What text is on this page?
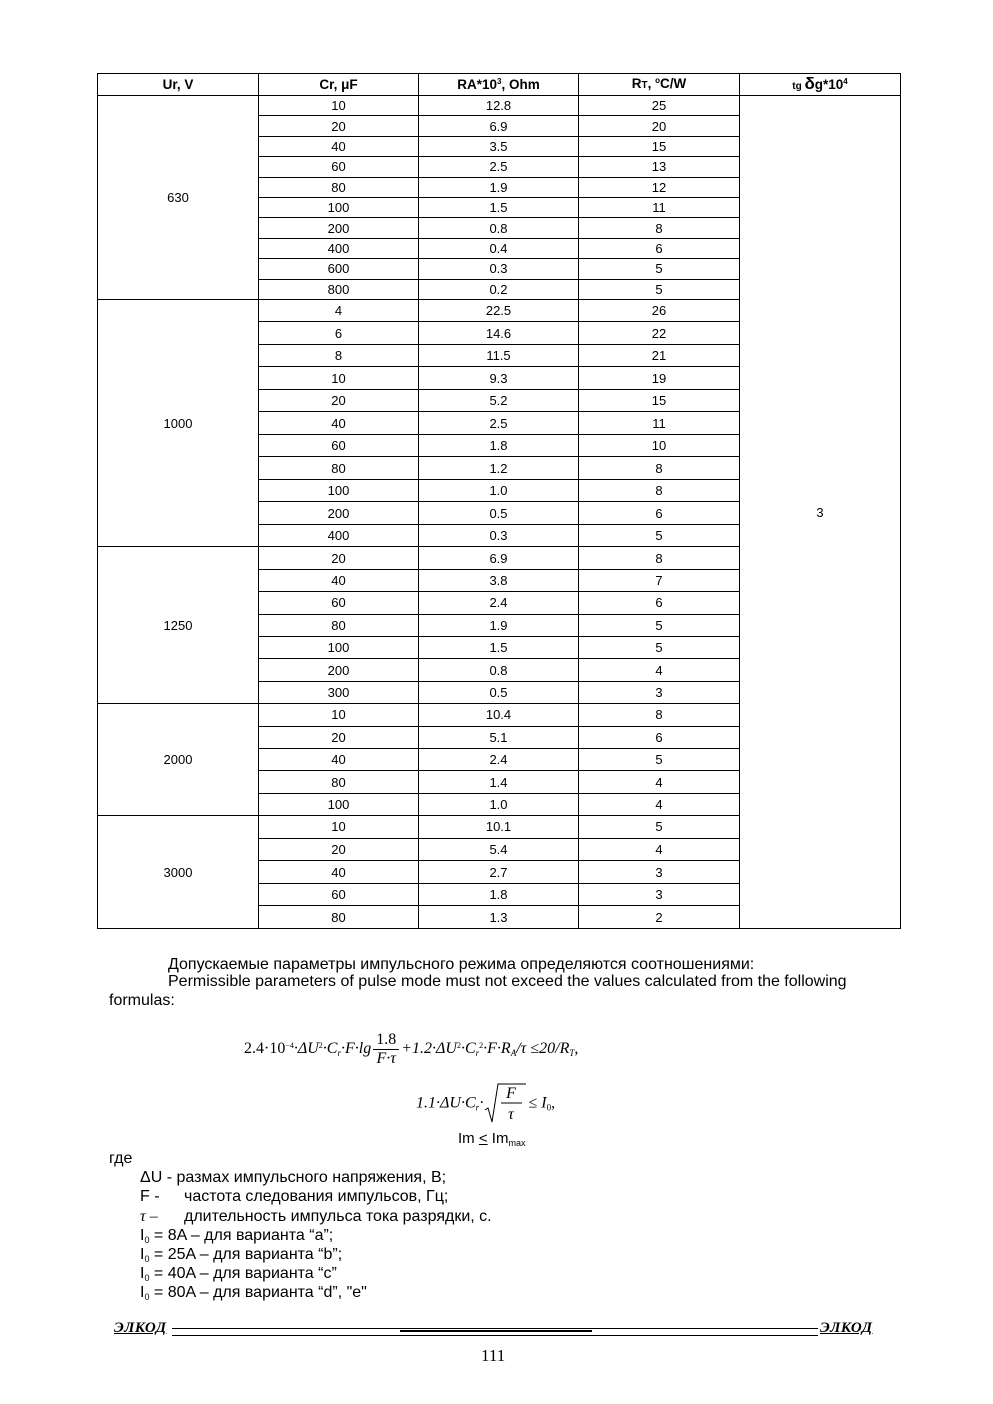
Ur, V	Cr, μF	$RA*10^3$, Ohm	RT, $^o$C/W	tg $\delta g*10^4$
630	10	12.8	25	3
	20	6.9	20	
	40	3.5	15	
	60	2.5	13	
	80	1.9	12	
	100	1.5	11	
	200	0.8	8	
	400	0.4	6	
	600	0.3	5	
	800	0.2	5	
1000	4	22.5	26	
	6	14.6	22	
	8	11.5	21	
	10	9.3	19	
	20	5.2	15	
	40	2.5	11	
	60	1.8	10	
	80	1.2	8	
	100	1.0	8	
	200	0.5	6	
	400	0.3	5	
1250	20	6.9	8	
	40	3.8	7	
	60	2.4	6	
	80	1.9	5	
	100	1.5	5	
	200	0.8	4	
	300	0.5	3	
2000	10	10.4	8	
	20	5.1	6	
	40	2.4	5	
	80	1.4	4	
	100	1.0	4	
3000	10	10.1	5	
	20	5.4	4	
	40	2.7	3	
	60	1.8	3	
	80	1.3	2	
Допускаемые параметры импульсного режима определяются соотношениями:
Permissible parameters of pulse mode must not exceed the values calculated from the following
formulas:
$2.4\cdot 10^{-4}\cdot\Delta U^2\cdot C_r\cdot F\cdot\lg \frac{1.8}{F\cdot\tau} +1.2\cdot\Delta U^2\cdot C_r^2\cdot F\cdot R_A/\tau \le 20/R_T$,
$1.1\cdot\Delta U\cdot C_r\cdot$
F
τ
≤ $I_0$,
$Im < Im_{max}$
где
ΔU - размах импульсного напряжения, В;
F - частота следования импульсов, Гц;
τ – длительность импульса тока разрядки, с.
$I_0 = 8A$ – для варианта “a”;
$I_0 = 25A$ – для варианта “b”;
$I_0 = 40A$ – для варианта “c”
$I_0 = 80A$ – для варианта “d”, "e"
ЭЛКОД	ЭЛКОД
111
